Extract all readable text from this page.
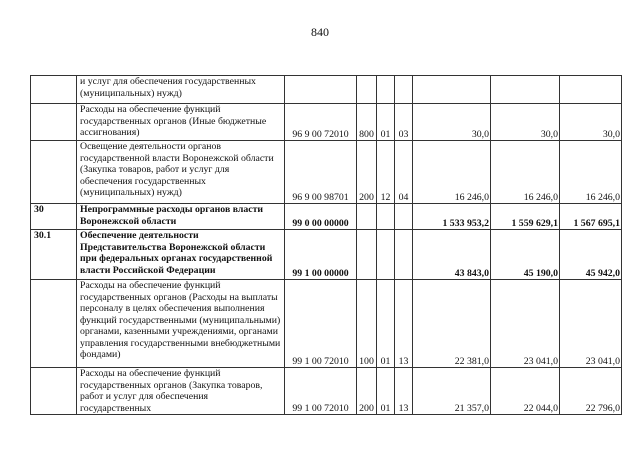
840
	и услуг для обеспечения государственных (муниципальных) нужд)							
	Расходы на обеспечение функций государственных органов (Иные бюджетные ассигнования)	96 9 00 72010	800	01	03	30,0	30,0	30,0
	Освещение деятельности органов государственной власти Воронежской области (Закупка товаров, работ и услуг для обеспечения государственных (муниципальных) нужд)	96 9 00 98701	200	12	04	16 246,0	16 246,0	16 246,0
30	Непрограммные расходы органов власти Воронежской области	99 0 00 00000				1 533 953,2	1 559 629,1	1 567 695,1
30.1	Обеспечение деятельности Представительства Воронежской области при федеральных органах государственной власти Российской Федерации	99 1 00 00000				43 843,0	45 190,0	45 942,0
	Расходы на обеспечение функций государственных органов (Расходы на выплаты персоналу в целях обеспечения выполнения функций государственными (муниципальными) органами, казенными учреждениями, органами управления государственными внебюджетными фондами)	99 1 00 72010	100	01	13	22 381,0	23 041,0	23 041,0
	Расходы на обеспечение функций государственных органов (Закупка товаров, работ и услуг для обеспечения государственных	99 1 00 72010	200	01	13	21 357,0	22 044,0	22 796,0
